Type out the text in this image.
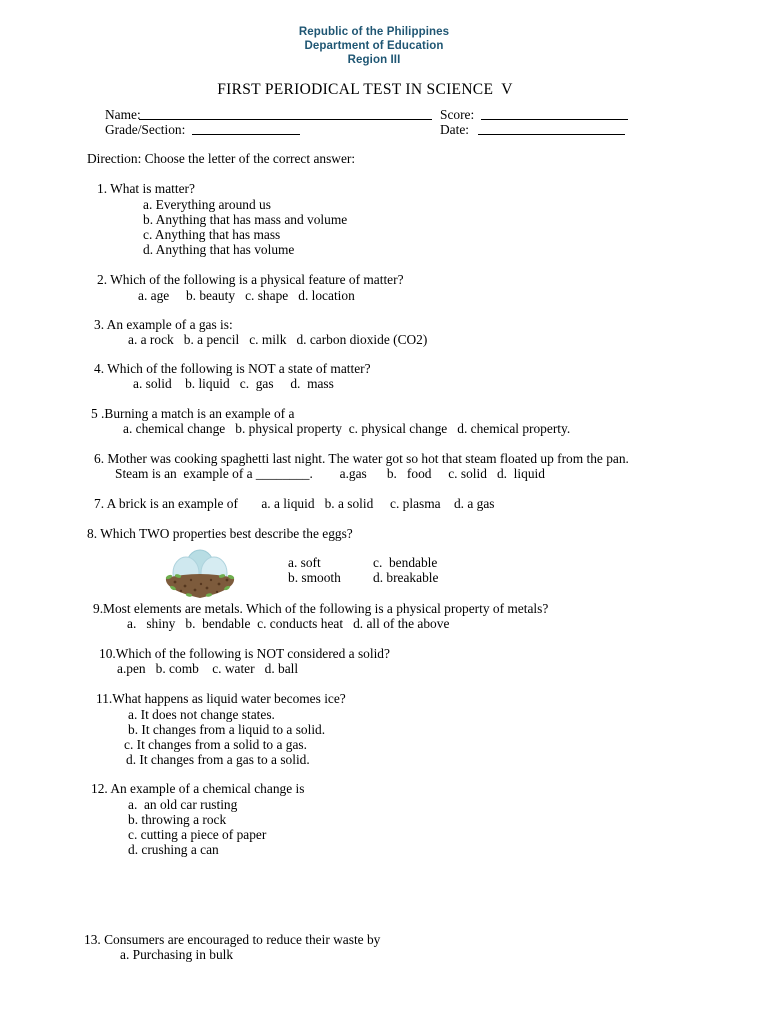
Republic of the Philippines
Department of Education
Region III
FIRST PERIODICAL TEST IN SCIENCE  V
Name:	Score:
Grade/Section:	Date:
Direction: Choose the letter of the correct answer:
1. What is matter?
a. Everything around us
b. Anything that has mass and volume
c. Anything that has mass
d. Anything that has volume
2. Which of the following is a physical feature of matter?
a. age     b. beauty   c. shape   d. location
3. An example of a gas is:
a. a rock   b. a pencil   c. milk   d. carbon dioxide (CO2)
4. Which of the following is NOT a state of matter?
a. solid    b. liquid   c.  gas     d.  mass
5 .Burning a match is an example of a
a. chemical change   b. physical property  c. physical change   d. chemical property.
6. Mother was cooking spaghetti last night. The water got so hot that steam floated up from the pan.
Steam is an  example of a ________.        a.gas      b.   food     c. solid   d.  liquid
7. A brick is an example of       a. a liquid   b. a solid     c. plasma    d. a gas
8. Which TWO properties best describe the eggs?
a. soft
b. smooth
c.  bendable
d. breakable
9.Most elements are metals. Which of the following is a physical property of metals?
a.   shiny   b.  bendable  c. conducts heat   d. all of the above
10.Which of the following is NOT considered a solid?
a.pen   b. comb    c. water   d. ball
11.What happens as liquid water becomes ice?
a. It does not change states.
b. It changes from a liquid to a solid.
c. It changes from a solid to a gas.
d. It changes from a gas to a solid.
12. An example of a chemical change is
a.  an old car rusting
b. throwing a rock
c. cutting a piece of paper
d. crushing a can
13. Consumers are encouraged to reduce their waste by
a. Purchasing in bulk
